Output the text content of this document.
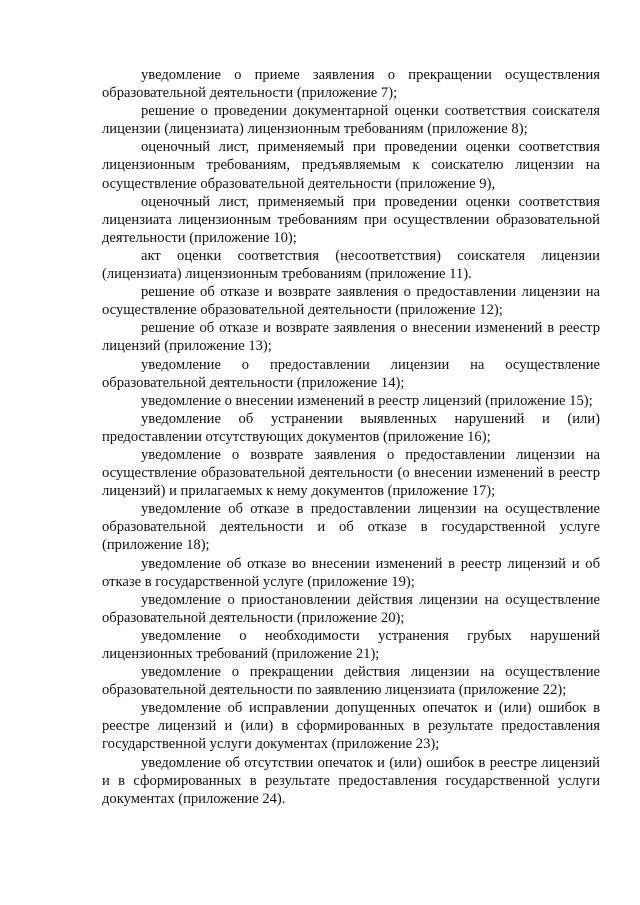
уведомление о приеме заявления о прекращении осуществления образовательной деятельности (приложение 7);

решение о проведении документарной оценки соответствия соискателя лицензии (лицензиата) лицензионным требованиям (приложение 8);

оценочный лист, применяемый при проведении оценки соответствия лицензионным требованиям, предъявляемым к соискателю лицензии на осуществление образовательной деятельности (приложение 9),

оценочный лист, применяемый при проведении оценки соответствия лицензиата лицензионным требованиям при осуществлении образовательной деятельности (приложение 10);

акт оценки соответствия (несоответствия) соискателя лицензии (лицензиата) лицензионным требованиям (приложение 11).

решение об отказе и возврате заявления о предоставлении лицензии на осуществление образовательной деятельности (приложение 12);

решение об отказе и возврате заявления о внесении изменений в реестр лицензий (приложение 13);

уведомление о предоставлении лицензии на осуществление образовательной деятельности (приложение 14);

уведомление о внесении изменений в реестр лицензий (приложение 15);

уведомление об устранении выявленных нарушений и (или) предоставлении отсутствующих документов (приложение 16);

уведомление о возврате заявления о предоставлении лицензии на осуществление образовательной деятельности (о внесении изменений в реестр лицензий) и прилагаемых к нему документов (приложение 17);

уведомление об отказе в предоставлении лицензии на осуществление образовательной деятельности и об отказе в государственной услуге (приложение 18);

уведомление об отказе во внесении изменений в реестр лицензий и об отказе в государственной услуге (приложение 19);

уведомление о приостановлении действия лицензии на осуществление образовательной деятельности (приложение 20);

уведомление о необходимости устранения грубых нарушений лицензионных требований (приложение 21);

уведомление о прекращении действия лицензии на осуществление образовательной деятельности по заявлению лицензиата (приложение 22);

уведомление об исправлении допущенных опечаток и (или) ошибок в реестре лицензий и (или) в сформированных в результате предоставления государственной услуги документах (приложение 23);

уведомление об отсутствии опечаток и (или) ошибок в реестре лицензий и в сформированных в результате предоставления государственной услуги документах (приложение 24).
